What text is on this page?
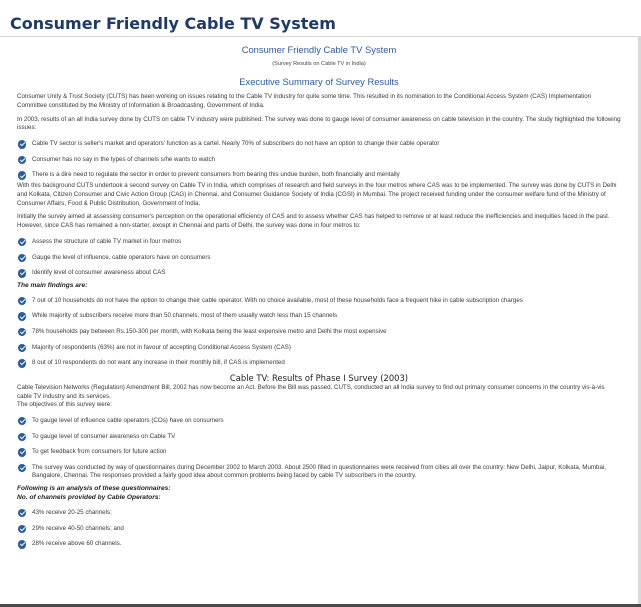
Consumer Friendly Cable TV System

Consumer Friendly Cable TV System

(Survey Results on Cable TV in India)

Executive Summary of Survey Results

Consumer Unity & Trust Society (CUTS) has been working on issues relating to the Cable TV industry for quite some time. This resulted in its nomination to the Conditional Access System (CAS) Implementation Committee constituted by the Ministry of Information & Broadcasting, Government of India.

In 2003, results of an all India survey done by CUTS on cable TV industry were published. The survey was done to gauge level of consumer awareness on cable television in the country. The study highlighted the following issues:

Cable TV sector is seller's market and operators' function as a cartel. Nearly 70% of subscribers do not have an option to change their cable operator
Consumer has no say in the types of channels s/he wants to watch
There is a dire need to regulate the sector in order to prevent consumers from bearing this undue burden, both financially and mentally

With this background CUTS undertook a second survey on Cable TV in India, which comprises of research and field surveys in the four metros where CAS was to be implemented. The survey was done by CUTS in Delhi and Kolkata, Citizen Consumer and Civic Action Group (CAG) in Chennai, and Consumer Guidance Society of India (CGSI) in Mumbai. The project received funding under the consumer welfare fund of the Ministry of Consumer Affairs, Food & Public Distribution, Government of India.

Initially the survey aimed at assessing consumer's perception on the operational efficiency of CAS and to assess whether CAS has helped to remove or at least reduce the inefficiencies and inequities faced in the past. However, since CAS has remained a non-starter, except in Chennai and parts of Delhi, the survey was done in four metros to:

Assess the structure of cable TV market in four metros
Gauge the level of influence, cable operators have on consumers
Identify level of consumer awareness about CAS

The main findings are:

7 out of 10 households do not have the option to change their cable operator. With no choice available, most of these households face a frequent hike in cable subscription charges
While majority of subscribers receive more than 50 channels, most of them usually watch less than 15 channels
78% households pay between Rs.150-300 per month, with Kolkata being the least expensive metro and Delhi the most expensive
Majority of respondents (63%) are not in favour of accepting Conditional Access System (CAS)
8 out of 10 respondents do not want any increase in their monthly bill, if CAS is implemented

Cable TV: Results of Phase I Survey (2003)

Cable Television Networks (Regulation) Amendment Bill, 2002 has now become an Act. Before the Bill was passed, CUTS, conducted an all India survey to find out primary consumer concerns in the country vis-à-vis cable TV industry and its services.

The objectives of this survey were:

To gauge level of influence cable operators (COs) have on consumers
To gauge level of consumer awareness on Cable TV
To get feedback from consumers for future action
The survey was conducted by way of questionnaires during December 2002 to March 2003. About 2500 filled in questionnaires were received from cities all over the country: New Delhi, Jaipur, Kolkata, Mumbai, Bangalore, Chennai. The responses provided a fairly good idea about common problems being faced by cable TV subscribers in the country.

Following is an analysis of these questionnaires:

No. of channels provided by Cable Operators:

43% receive 20-25 channels;
29% receive 40-50 channels; and
28% receive above 60 channels.
